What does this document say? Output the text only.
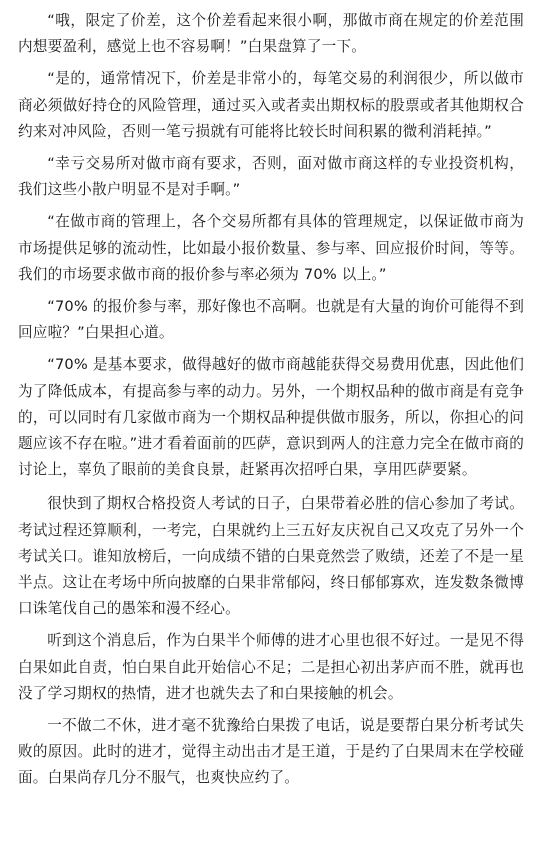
“哦，限定了价差，这个价差看起来很小啊，那做市商在规定的价差范围内想要盈利，感觉上也不容易啊！”白果盘算了一下。

“是的，通常情况下，价差是非常小的，每笔交易的利润很少，所以做市商必须做好持仓的风险管理，通过买入或者卖出期权标的股票或者其他期权合约来对冲风险，否则一笔亏损就有可能将比较长时间积累的微利消耗掉。”

“幸亏交易所对做市商有要求，否则，面对做市商这样的专业投资机构，我们这些小散户明显不是对手啊。”

“在做市商的管理上，各个交易所都有具体的管理规定，以保证做市商为市场提供足够的流动性，比如最小报价数量、参与率、回应报价时间，等等。我们的市场要求做市商的报价参与率必须为 70% 以上。”

“70% 的报价参与率，那好像也不高啊。也就是有大量的询价可能得不到回应啦？”白果担心道。

“70% 是基本要求，做得越好的做市商越能获得交易费用优惠，因此他们为了降低成本，有提高参与率的动力。另外，一个期权品种的做市商是有竞争的，可以同时有几家做市商为一个期权品种提供做市服务，所以，你担心的问题应该不存在啦。”进才看着面前的匹萨，意识到两人的注意力完全在做市商的讨论上，辜负了眼前的美食良景，赶紧再次招呼白果，享用匹萨要紧。

很快到了期权合格投资人考试的日子，白果带着必胜的信心参加了考试。考试过程还算顺利，一考完，白果就约上三五好友庆祝自己又攻克了另外一个考试关口。谁知放榜后，一向成绩不错的白果竟然尝了败绩，还差了不是一星半点。这让在考场中所向披靡的白果非常郁闷，终日郁郁寡欢，连发数条微博口诛笔伐自己的愚笨和漫不经心。

听到这个消息后，作为白果半个师傅的进才心里也很不好过。一是见不得白果如此自责，怕白果自此开始信心不足；二是担心初出茅庐而不胜，就再也没了学习期权的热情，进才也就失去了和白果接触的机会。

一不做二不休，进才毫不犹豫给白果拨了电话，说是要帮白果分析考试失败的原因。此时的进才，觉得主动出击才是王道，于是约了白果周末在学校碰面。白果尚存几分不服气，也爽快应约了。
